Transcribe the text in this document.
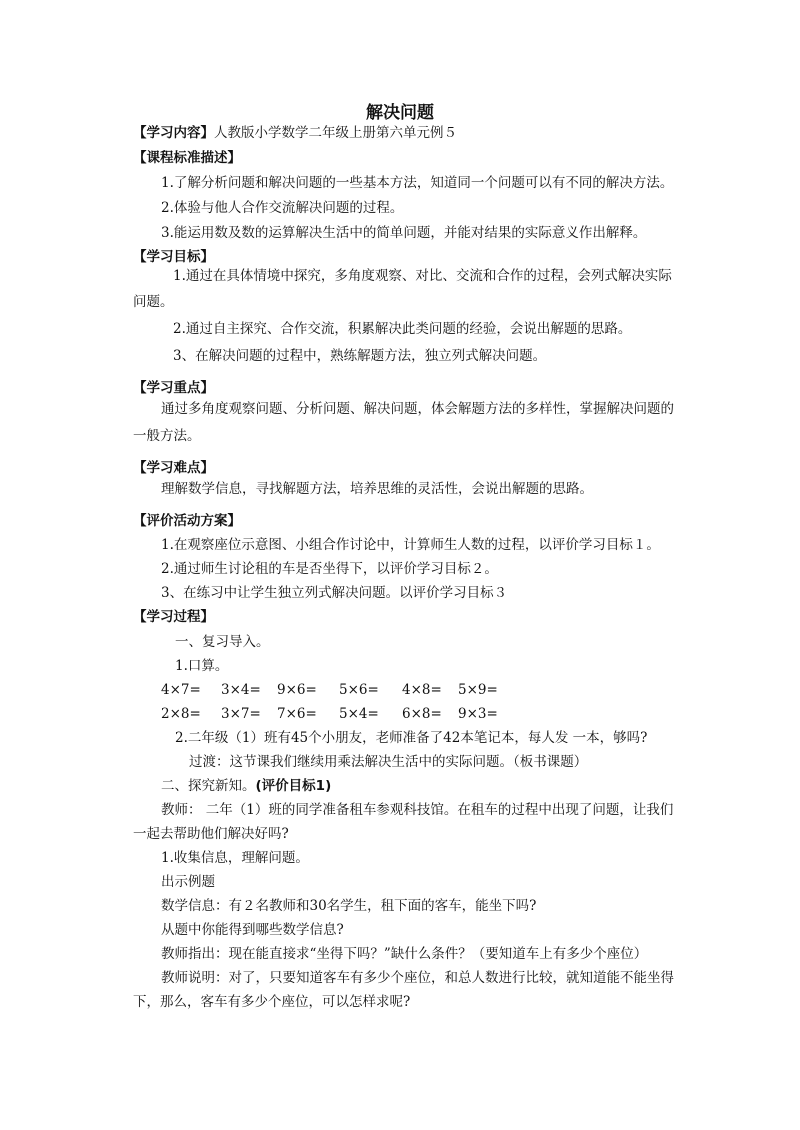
解决问题
【学习内容】人教版小学数学二年级上册第六单元例５
【课程标准描述】
1.了解分析问题和解决问题的一些基本方法，知道同一个问题可以有不同的解决方法。
2.体验与他人合作交流解决问题的过程。
3.能运用数及数的运算解决生活中的简单问题，并能对结果的实际意义作出解释。
【学习目标】
1.通过在具体情境中探究，多角度观察、对比、交流和合作的过程，会列式解决实际
问题。
2.通过自主探究、合作交流，积累解决此类问题的经验，会说出解题的思路。
3、在解决问题的过程中，熟练解题方法，独立列式解决问题。
【学习重点】
通过多角度观察问题、分析问题、解决问题，体会解题方法的多样性，掌握解决问题的
一般方法。
【学习难点】
理解数学信息，寻找解题方法，培养思维的灵活性，会说出解题的思路。
【评价活动方案】
1.在观察座位示意图、小组合作讨论中，计算师生人数的过程，以评价学习目标１。
2.通过师生讨论租的车是否坐得下，以评价学习目标２。
3、在练习中让学生独立列式解决问题。以评价学习目标３
【学习过程】
一、复习导入。
1.口算。
4×7= 3×4= 9×6= 5×6= 4×8= 5×9=
2×8= 3×7= 7×6= 5×4= 6×8= 9×3=
2.二年级（1）班有45个小朋友，老师准备了42本笔记本，每人发 一本，够吗?
过渡：这节课我们继续用乘法解决生活中的实际问题。（板书课题）
二、探究新知。(评价目标1)
教师： 二年（1）班的同学准备租车参观科技馆。在租车的过程中出现了问题，让我们
一起去帮助他们解决好吗?
1.收集信息，理解问题。
出示例题
数学信息：有２名教师和30名学生，租下面的客车，能坐下吗?
从题中你能得到哪些数学信息?
教师指出：现在能直接求“坐得下吗？”缺什么条件？（要知道车上有多少个座位）
教师说明：对了，只要知道客车有多少个座位，和总人数进行比较，就知道能不能坐得
下，那么，客车有多少个座位，可以怎样求呢?
